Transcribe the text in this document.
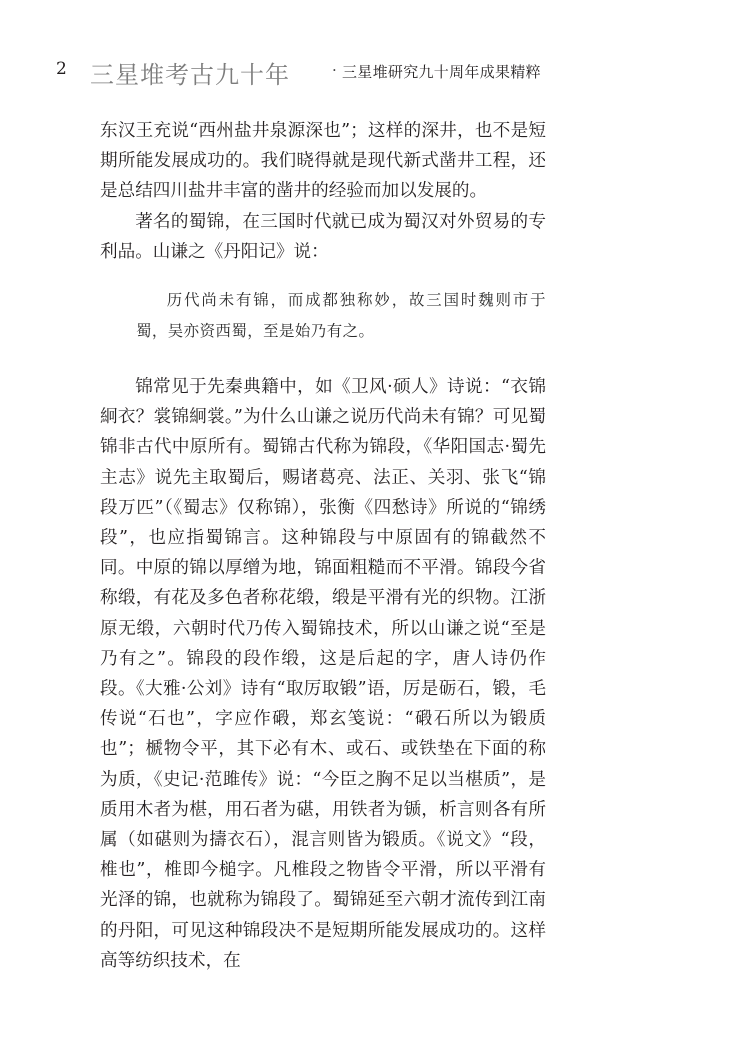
2 三星堆考古九十年	· 三星堆研究九十周年成果精粹

东汉王充说“西州盐井泉源深也”；这样的深井，也不是短期所能发展成功的。我们晓得就是现代新式凿井工程，还是总结四川盐井丰富的凿井的经验而加以发展的。

著名的蜀锦，在三国时代就已成为蜀汉对外贸易的专利品。山谦之《丹阳记》说：

历代尚未有锦，而成都独称妙，故三国时魏则市于蜀，吴亦资西蜀，至是始乃有之。

锦常见于先秦典籍中，如《卫风·硕人》诗说：“衣锦絅衣？裳锦絅裳。”为什么山谦之说历代尚未有锦？可见蜀锦非古代中原所有。蜀锦古代称为锦段，《华阳国志·蜀先主志》说先主取蜀后，赐诸葛亮、法正、关羽、张飞“锦段万匹”（《蜀志》仅称锦），张衡《四愁诗》所说的“锦绣段”，也应指蜀锦言。这种锦段与中原固有的锦截然不同。中原的锦以厚缯为地，锦面粗糙而不平滑。锦段今省称缎，有花及多色者称花缎，缎是平滑有光的织物。江浙原无缎，六朝时代乃传入蜀锦技术，所以山谦之说“至是乃有之”。锦段的段作缎，这是后起的字，唐人诗仍作段。《大雅·公刘》诗有“取厉取锻”语，厉是砺石，锻，毛传说“石也”，字应作碫，郑玄笺说：“碫石所以为锻质也”；榹物令平，其下必有木、或石、或铁垫在下面的称为质，《史记·范雎传》说：“今臣之胸不足以当椹质”，是质用木者为椹，用石者为碪，用铁者为锧，析言则各有所属（如碪则为擣衣石），混言则皆为锻质。《说文》“段，椎也”，椎即今槌字。凡椎段之物皆令平滑，所以平滑有光泽的锦，也就称为锦段了。蜀锦延至六朝才流传到江南的丹阳，可见这种锦段决不是短期所能发展成功的。这样高等纺织技术，在
